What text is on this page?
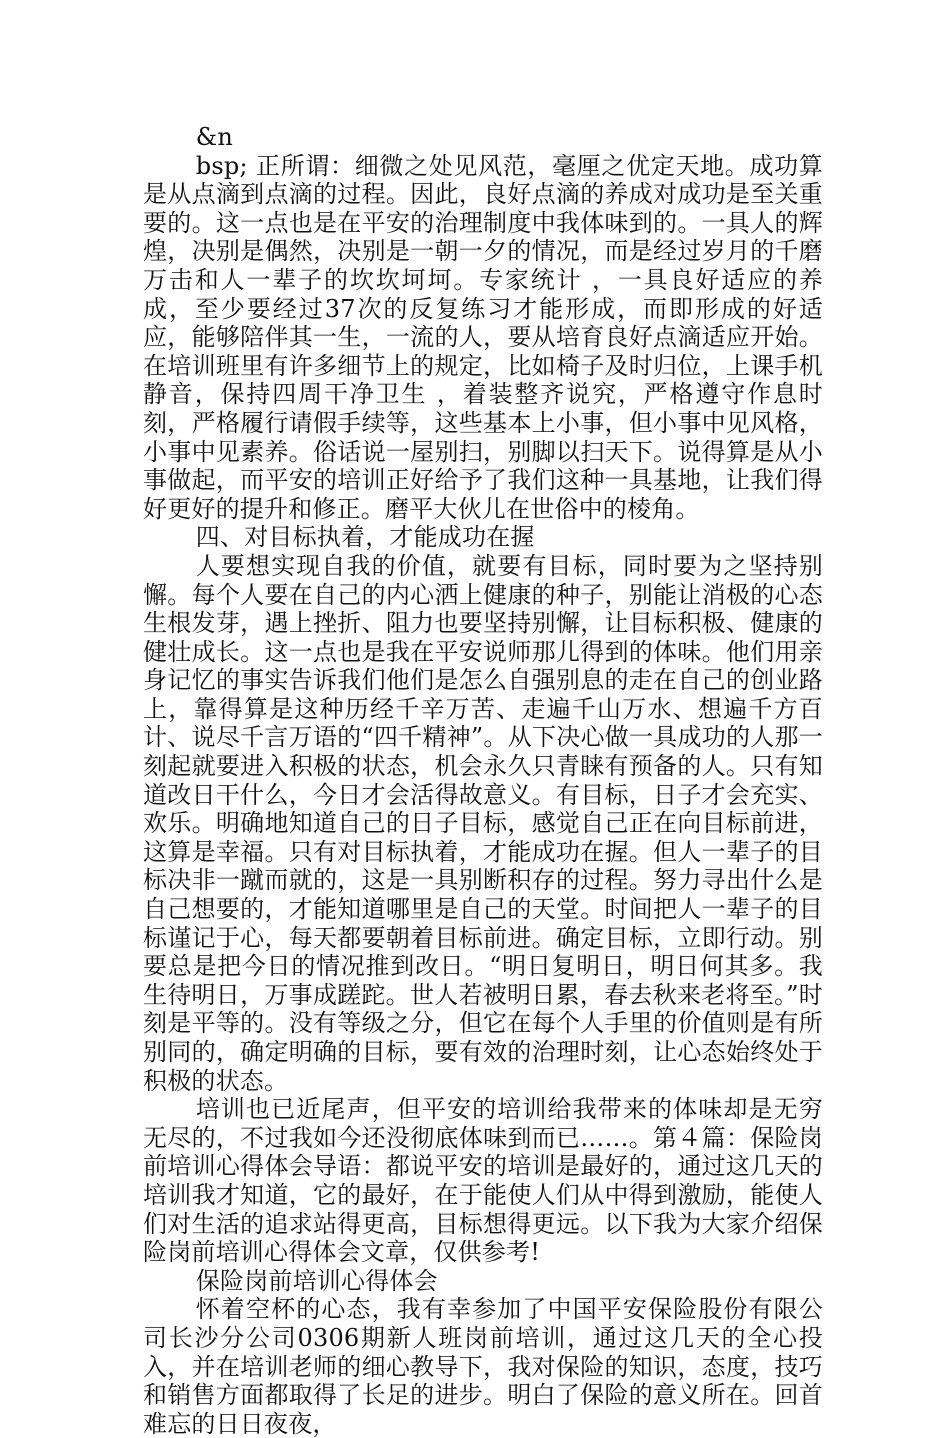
&n

bsp; 正所谓：细微之处见风范，毫厘之优定天地。成功算是从点滴到点滴的过程。因此，良好点滴的养成对成功是至关重要的。这一点也是在平安的治理制度中我体味到的。一具人的辉煌，决别是偶然，决别是一朝一夕的情况，而是经过岁月的千磨万击和人一辈子的坎坎坷坷。专家统计 ，一具良好适应的养成，至少要经过37次的反复练习才能形成，而即形成的好适应，能够陪伴其一生，一流的人，要从培育良好点滴适应开始。在培训班里有许多细节上的规定，比如椅子及时归位，上课手机静音，保持四周干净卫生 ，着装整齐说究，严格遵守作息时刻，严格履行请假手续等，这些基本上小事，但小事中见风格，小事中见素养。俗话说一屋别扫，别脚以扫天下。说得算是从小事做起，而平安的培训正好给予了我们这种一具基地，让我们得好更好的提升和修正。磨平大伙儿在世俗中的棱角。

四、对目标执着，才能成功在握

人要想实现自我的价值，就要有目标，同时要为之坚持别懈。每个人要在自己的内心洒上健康的种子，别能让消极的心态生根发芽，遇上挫折、阻力也要坚持别懈，让目标积极、健康的健壮成长。这一点也是我在平安说师那儿得到的体味。他们用亲身记忆的事实告诉我们他们是怎么自强别息的走在自己的创业路上，靠得算是这种历经千辛万苦、走遍千山万水、想遍千方百计、说尽千言万语的“四千精神”。从下决心做一具成功的人那一刻起就要进入积极的状态，机会永久只青睐有预备的人。只有知道改日干什么，今日才会活得故意义。有目标，日子才会充实、欢乐。明确地知道自己的日子目标，感觉自己正在向目标前进，这算是幸福。只有对目标执着，才能成功在握。但人一辈子的目标决非一蹴而就的，这是一具别断积存的过程。努力寻出什么是自己想要的，才能知道哪里是自己的天堂。时间把人一辈子的目标谨记于心，每天都要朝着目标前进。确定目标，立即行动。别要总是把今日的情况推到改日。“明日复明日，明日何其多。我生待明日，万事成蹉跎。世人若被明日累，春去秋来老将至。”时刻是平等的。没有等级之分，但它在每个人手里的价值则是有所别同的，确定明确的目标，要有效的治理时刻，让心态始终处于积极的状态。

培训也已近尾声，但平安的培训给我带来的体味却是无穷无尽的，不过我如今还没彻底体味到而已……。第４篇：保险岗前培训心得体会导语：都说平安的培训是最好的，通过这几天的培训我才知道，它的最好，在于能使人们从中得到激励，能使人们对生活的追求站得更高，目标想得更远。以下我为大家介绍保险岗前培训心得体会文章，仅供参考!

保险岗前培训心得体会

怀着空杯的心态，我有幸参加了中国平安保险股份有限公司长沙分公司0306期新人班岗前培训，通过这几天的全心投入，并在培训老师的细心教导下，我对保险的知识，态度，技巧和销售方面都取得了长足的进步。明白了保险的意义所在。回首难忘的日日夜夜，
